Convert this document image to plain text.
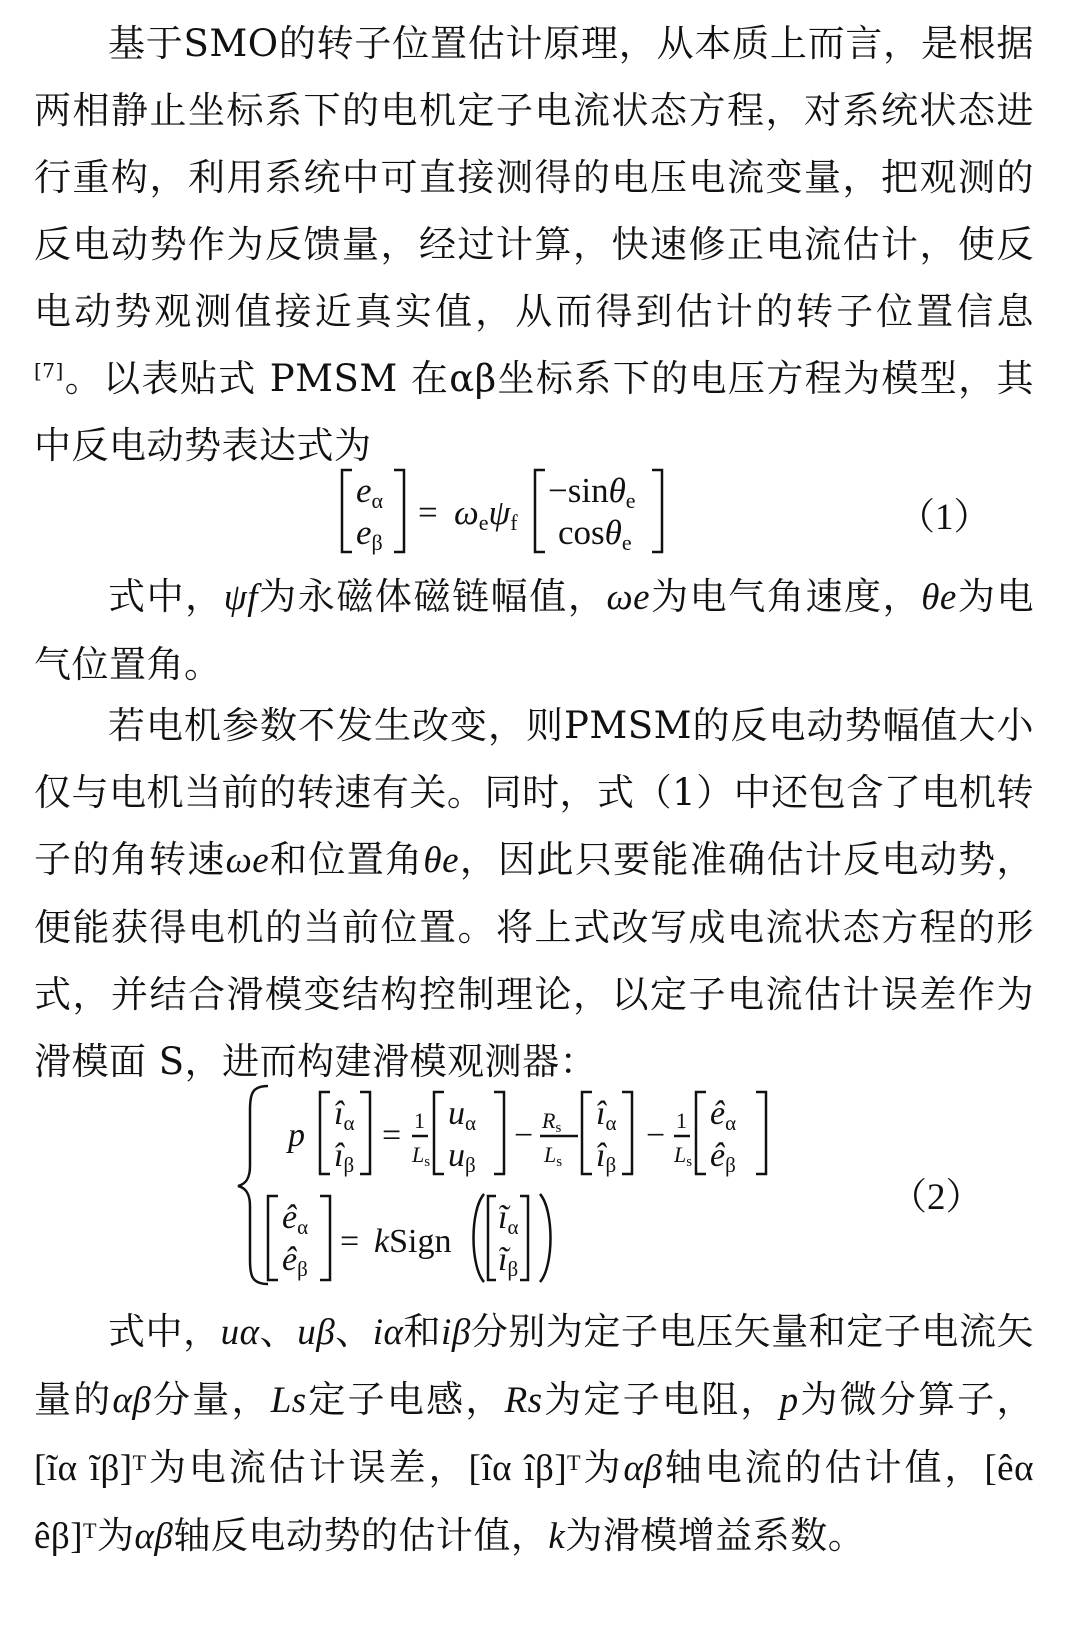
基于SMO的转子位置估计原理，从本质上而言，是根据两相静止坐标系下的电机定子电流状态方程，对系统状态进行重构，利用系统中可直接测得的电压电流变量，把观测的反电动势作为反馈量，经过计算，快速修正电流估计，使反电动势观测值接近真实值，从而得到估计的转子位置信息[7]。以表贴式 PMSM 在αβ坐标系下的电压方程为模型，其中反电动势表达式为

eα
eβ
= ωeψf
−sinθe
cosθe
（1）

式中，ψf为永磁体磁链幅值，ωe为电气角速度，θe为电气位置角。

若电机参数不发生改变，则PMSM的反电动势幅值大小仅与电机当前的转速有关。同时，式（1）中还包含了电机转子的角转速ωe和位置角θe，因此只要能准确估计反电动势，便能获得电机的当前位置。将上式改写成电流状态方程的形式，并结合滑模变结构控制理论，以定子电流估计误差作为滑模面 S，进而构建滑模观测器：

p
îα
îβ
= 1
Ls
uα
uβ
− Rs
Ls
îα
îβ
− 1
Ls
êα
êβ
êα
êβ
= kSign
ĩα
ĩβ
（2）

式中，uα、uβ、iα和iβ分别为定子电压矢量和定子电流矢量的αβ分量，Ls定子电感，Rs为定子电阻，p为微分算子，[ĩα ĩβ]ᵀ为电流估计误差，[îα îβ]ᵀ为αβ轴电流的估计值，[êα êβ]ᵀ为αβ轴反电动势的估计值，k为滑模增益系数。

[eα; eβ] = ωe ψf [−sinθe; cosθe] p [îα; îβ] = 1/Ls [uα; uβ] − Rs/Ls [îα; îβ] − 1/Ls [êα; êβ] [êα; êβ] = kSign([ĩα; ĩβ])
